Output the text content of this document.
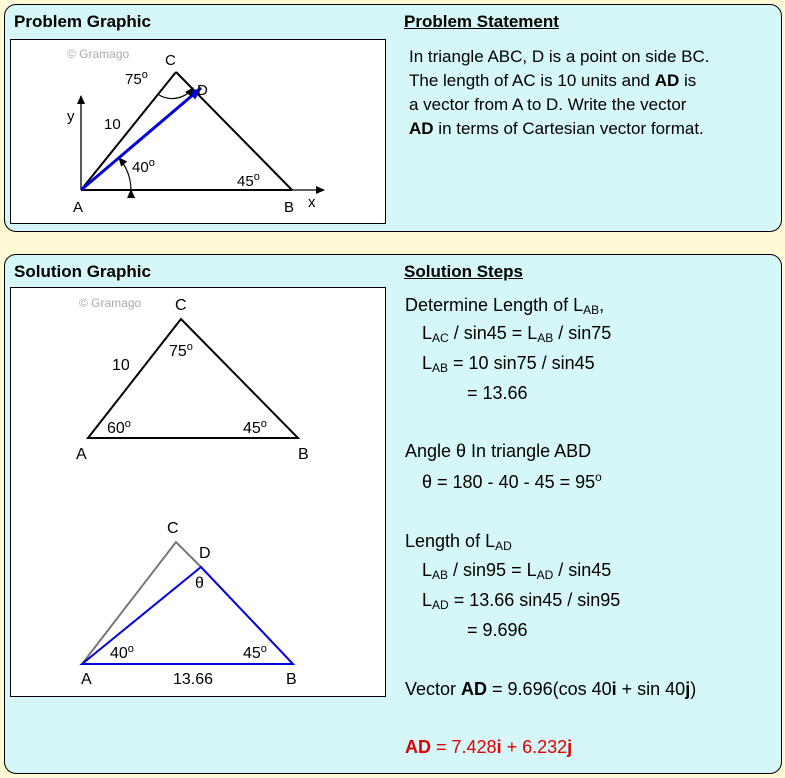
Problem Graphic	Problem Statement
© Gramago C
D
A	B x
y 10
75$^o$
40$^o$
45$^o$
In triangle ABC, D is a point on side BC.
The length of AC is 10 units and AD is
a vector from A to D. Write the vector
AD in terms of Cartesian vector format.
Solution Graphic	Solution Steps
© Gramago C
A	B
10
75$^o$
60$^o$	45$^o$
C
D
A	B
θ
40$^o$	45$^o$
13.66
Determine Length of $L_{AB}$,
$L_{AC} / \sin 45 = L_{AB} / \sin 75$
$L_{AB} = 10$ sin75 / sin45
= 13.66
Angle θ In triangle ABD
$\theta = 180 - 40 - 45 = 95^o$
Length of $L_{AD}$
$L_{AB} / \sin 95 = L_{AD} / \sin 45$
$L_{AD} = 13.66$ sin45 / sin95
= 9.696
Vector AD = 9.696(cos 40i + sin 40j)
AD = 7.428i + 6.232j
